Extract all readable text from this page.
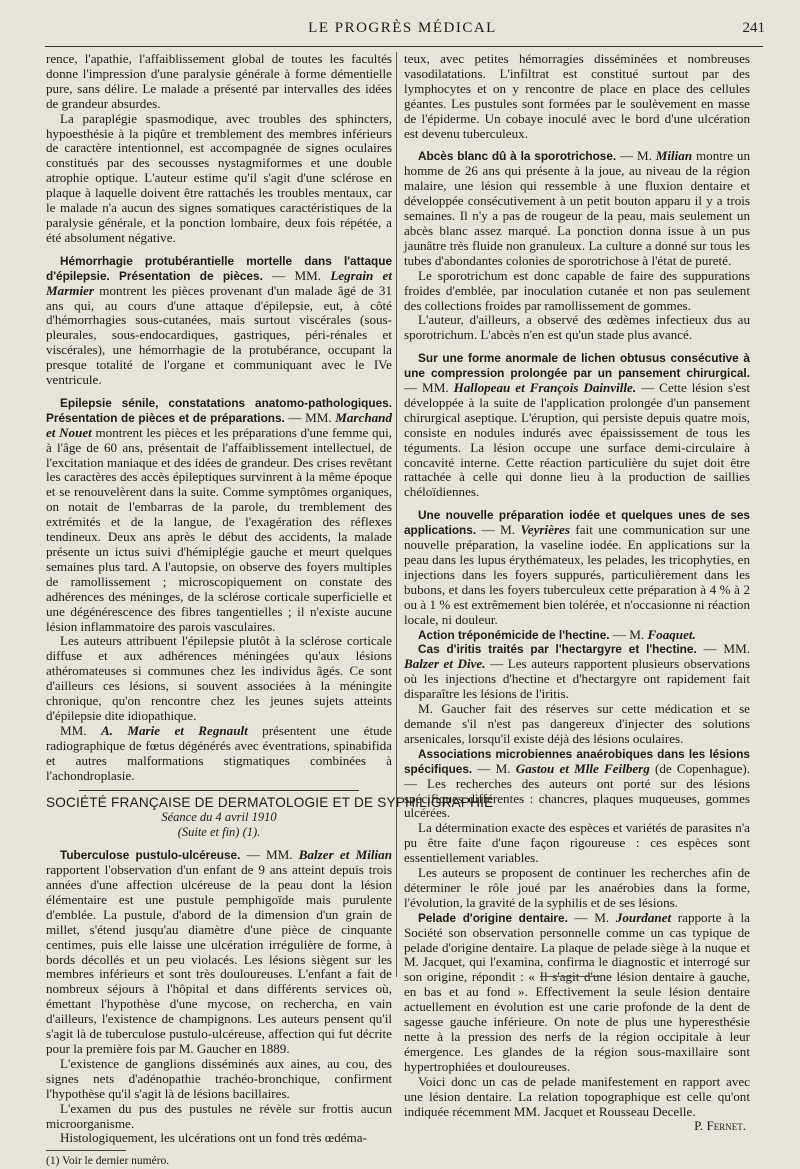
LE PROGRÈS MÉDICAL	241

rence, l'apathie, l'affaiblissement global de toutes les facultés donne l'impression d'une paralysie générale à forme démentielle pure, sans délire. Le malade a présenté par intervalles des idées de grandeur absurdes.

La paraplégie spasmodique, avec troubles des sphincters, hypoesthésie à la piqûre et tremblement des membres inférieurs de caractère intentionnel, est accompagnée de signes oculaires constitués par des secousses nystagmiformes et une double atrophie optique. L'auteur estime qu'il s'agit d'une sclérose en plaque à laquelle doivent être rattachés les troubles mentaux, car le malade n'a aucun des signes somatiques caractéristiques de la paralysie générale, et la ponction lombaire, deux fois répétée, a été absolument négative.

Hémorrhagie protubérantielle mortelle dans l'attaque d'épilepsie. Présentation de pièces. — MM. Legrain et Marmier montrent les pièces provenant d'un malade âgé de 31 ans qui, au cours d'une attaque d'épilepsie, eut, à côté d'hémorrhagies sous-cutanées, mais surtout viscérales (sous-pleurales, sous-endocardiques, gastriques, péri-rénales et viscérales), une hémorrhagie de la protubérance, occupant la presque totalité de l'organe et communiquant avec le IVe ventricule.

Epilepsie sénile, constatations anatomo-pathologiques. Présentation de pièces et de préparations. — MM. Marchand et Nouet montrent les pièces et les préparations d'une femme qui, à l'âge de 60 ans, présentait de l'affaiblissement intellectuel, de l'excitation maniaque et des idées de grandeur. Des crises revêtant les caractères des accès épileptiques survinrent à la même époque et se renouvelèrent dans la suite. Comme symptômes organiques, on notait de l'embarras de la parole, du tremblement des extrémités et de la langue, de l'exagération des réflexes tendineux. Deux ans après le début des accidents, la malade présente un ictus suivi d'hémiplégie gauche et meurt quelques semaines plus tard. A l'autopsie, on observe des foyers multiples de ramollissement ; microscopiquement on constate des adhérences des méninges, de la sclérose corticale superficielle et une dégénérescence des fibres tangentielles ; il n'existe aucune lésion inflammatoire des parois vasculaires.

Les auteurs attribuent l'épilepsie plutôt à la sclérose corticale diffuse et aux adhérences méningées qu'aux lésions athéromateuses si communes chez les individus âgés. Ce sont d'ailleurs ces lésions, si souvent associées à la méningite chronique, qu'on rencontre chez les jeunes sujets atteints d'épilepsie dite idiopathique.

MM. A. Marie et Regnault présentent une étude radiographique de fœtus dégénérés avec éventrations, spinabifida et autres malformations stigmatiques combinées à l'achondroplasie.

SOCIÉTÉ FRANÇAISE DE DERMATOLOGIE ET DE SYPHILIGRAPHIE
Séance du 4 avril 1910
(Suite et fin) (1).

Tuberculose pustulo-ulcéreuse. — MM. Balzer et Milian rapportent l'observation d'un enfant de 9 ans atteint depuis trois années d'une affection ulcéreuse de la peau dont la lésion élémentaire est une pustule pemphigoïde mais purulente d'emblée. La pustule, d'abord de la dimension d'un grain de millet, s'étend jusqu'au diamètre d'une pièce de cinquante centimes, puis elle laisse une ulcération irrégulière de forme, à bords décollés et un peu violacés. Les lésions siègent sur les membres inférieurs et sont très douloureuses. L'enfant a fait de nombreux séjours à l'hôpital et dans différents services où, émettant l'hypothèse d'une mycose, on rechercha, en vain d'ailleurs, l'existence de champignons. Les auteurs pensent qu'il s'agit là de tuberculose pustulo-ulcéreuse, affection qui fut décrite pour la première fois par M. Gaucher en 1889.

L'existence de ganglions disséminés aux aines, au cou, des signes nets d'adénopathie trachéo-bronchique, confirment l'hypothèse qu'il s'agit là de lésions bacillaires.

L'examen du pus des pustules ne révèle sur frottis aucun microorganisme.

Histologiquement, les ulcérations ont un fond très œdéma-

(1) Voir le dernier numéro.

teux, avec petites hémorragies disséminées et nombreuses vasodilatations. L'infiltrat est constitué surtout par des lymphocytes et on y rencontre de place en place des cellules géantes. Les pustules sont formées par le soulèvement en masse de l'épiderme. Un cobaye inoculé avec le bord d'une ulcération est devenu tuberculeux.

Abcès blanc dû à la sporotrichose. — M. Milian montre un homme de 26 ans qui présente à la joue, au niveau de la région malaire, une lésion qui ressemble à une fluxion dentaire et développée consécutivement à un petit bouton apparu il y a trois semaines. Il n'y a pas de rougeur de la peau, mais seulement un abcès blanc assez marqué. La ponction donna issue à un pus jaunâtre très fluide non granuleux. La culture a donné sur tous les tubes d'abondantes colonies de sporotrichose à l'état de pureté.

Le sporotrichum est donc capable de faire des suppurations froides d'emblée, par inoculation cutanée et non pas seulement des collections froides par ramollissement de gommes.

L'auteur, d'ailleurs, a observé des œdèmes infectieux dus au sporotrichum. L'abcès n'en est qu'un stade plus avancé.

Sur une forme anormale de lichen obtusus consécutive à une compression prolongée par un pansement chirurgical. — MM. Hallopeau et François Dainville. — Cette lésion s'est développée à la suite de l'application prolongée d'un pansement chirurgical aseptique. L'éruption, qui persiste depuis quatre mois, consiste en nodules indurés avec épaississement de tous les téguments. La lésion occupe une surface demi-circulaire à concavité interne. Cette réaction particulière du sujet doit être rattachée à celle qui donne lieu à la production de saillies chéloïdiennes.

Une nouvelle préparation iodée et quelques unes de ses applications. — M. Veyrières fait une communication sur une nouvelle préparation, la vaseline iodée. En applications sur la peau dans les lupus érythémateux, les pelades, les tricophyties, en injections dans les foyers suppurés, particulièrement dans les bubons, et dans les foyers tuberculeux cette préparation à 4 % à 2 ou à 1 % est extrêmement bien tolérée, et n'occasionne ni réaction locale, ni douleur.

Action tréponémicide de l'hectine. — M. Foaquet.

Cas d'iritis traités par l'hectargyre et l'hectine. — MM. Balzer et Dive. — Les auteurs rapportent plusieurs observations où les injections d'hectine et d'hectargyre ont rapidement fait disparaître les lésions de l'iritis.

M. Gaucher fait des réserves sur cette médication et se demande s'il n'est pas dangereux d'injecter des solutions arsenicales, lorsqu'il existe déjà des lésions oculaires.

Associations microbiennes anaérobiques dans les lésions spécifiques. — M. Gastou et Mlle Feilberg (de Copenhague). — Les recherches des auteurs ont porté sur des lésions spécifiques différentes : chancres, plaques muqueuses, gommes ulcérées.

La détermination exacte des espèces et variétés de parasites n'a pu être faite d'une façon rigoureuse : ces espèces sont essentiellement variables.

Les auteurs se proposent de continuer les recherches afin de déterminer le rôle joué par les anaérobies dans la forme, l'évolution, la gravité de la syphilis et de ses lésions.

Pelade d'origine dentaire. — M. Jourdanet rapporte à la Société son observation personnelle comme un cas typique de pelade d'origine dentaire. La plaque de pelade siège à la nuque et M. Jacquet, qui l'examina, confirma le diagnostic et interrogé sur son origine, répondit : « Il s'agit d'une lésion dentaire à gauche, en bas et au fond ». Effectivement la seule lésion dentaire actuellement en évolution est une carie profonde de la dent de sagesse gauche inférieure. On note de plus une hyperesthésie nette à la pression des nerfs de la région occipitale à leur émergence. Les glandes de la région sous-maxillaire sont hypertrophiées et douloureuses.

Voici donc un cas de pelade manifestement en rapport avec une lésion dentaire. La relation topographique est celle qu'ont indiquée récemment MM. Jacquet et Rousseau Decelle.

P. Fernet.
